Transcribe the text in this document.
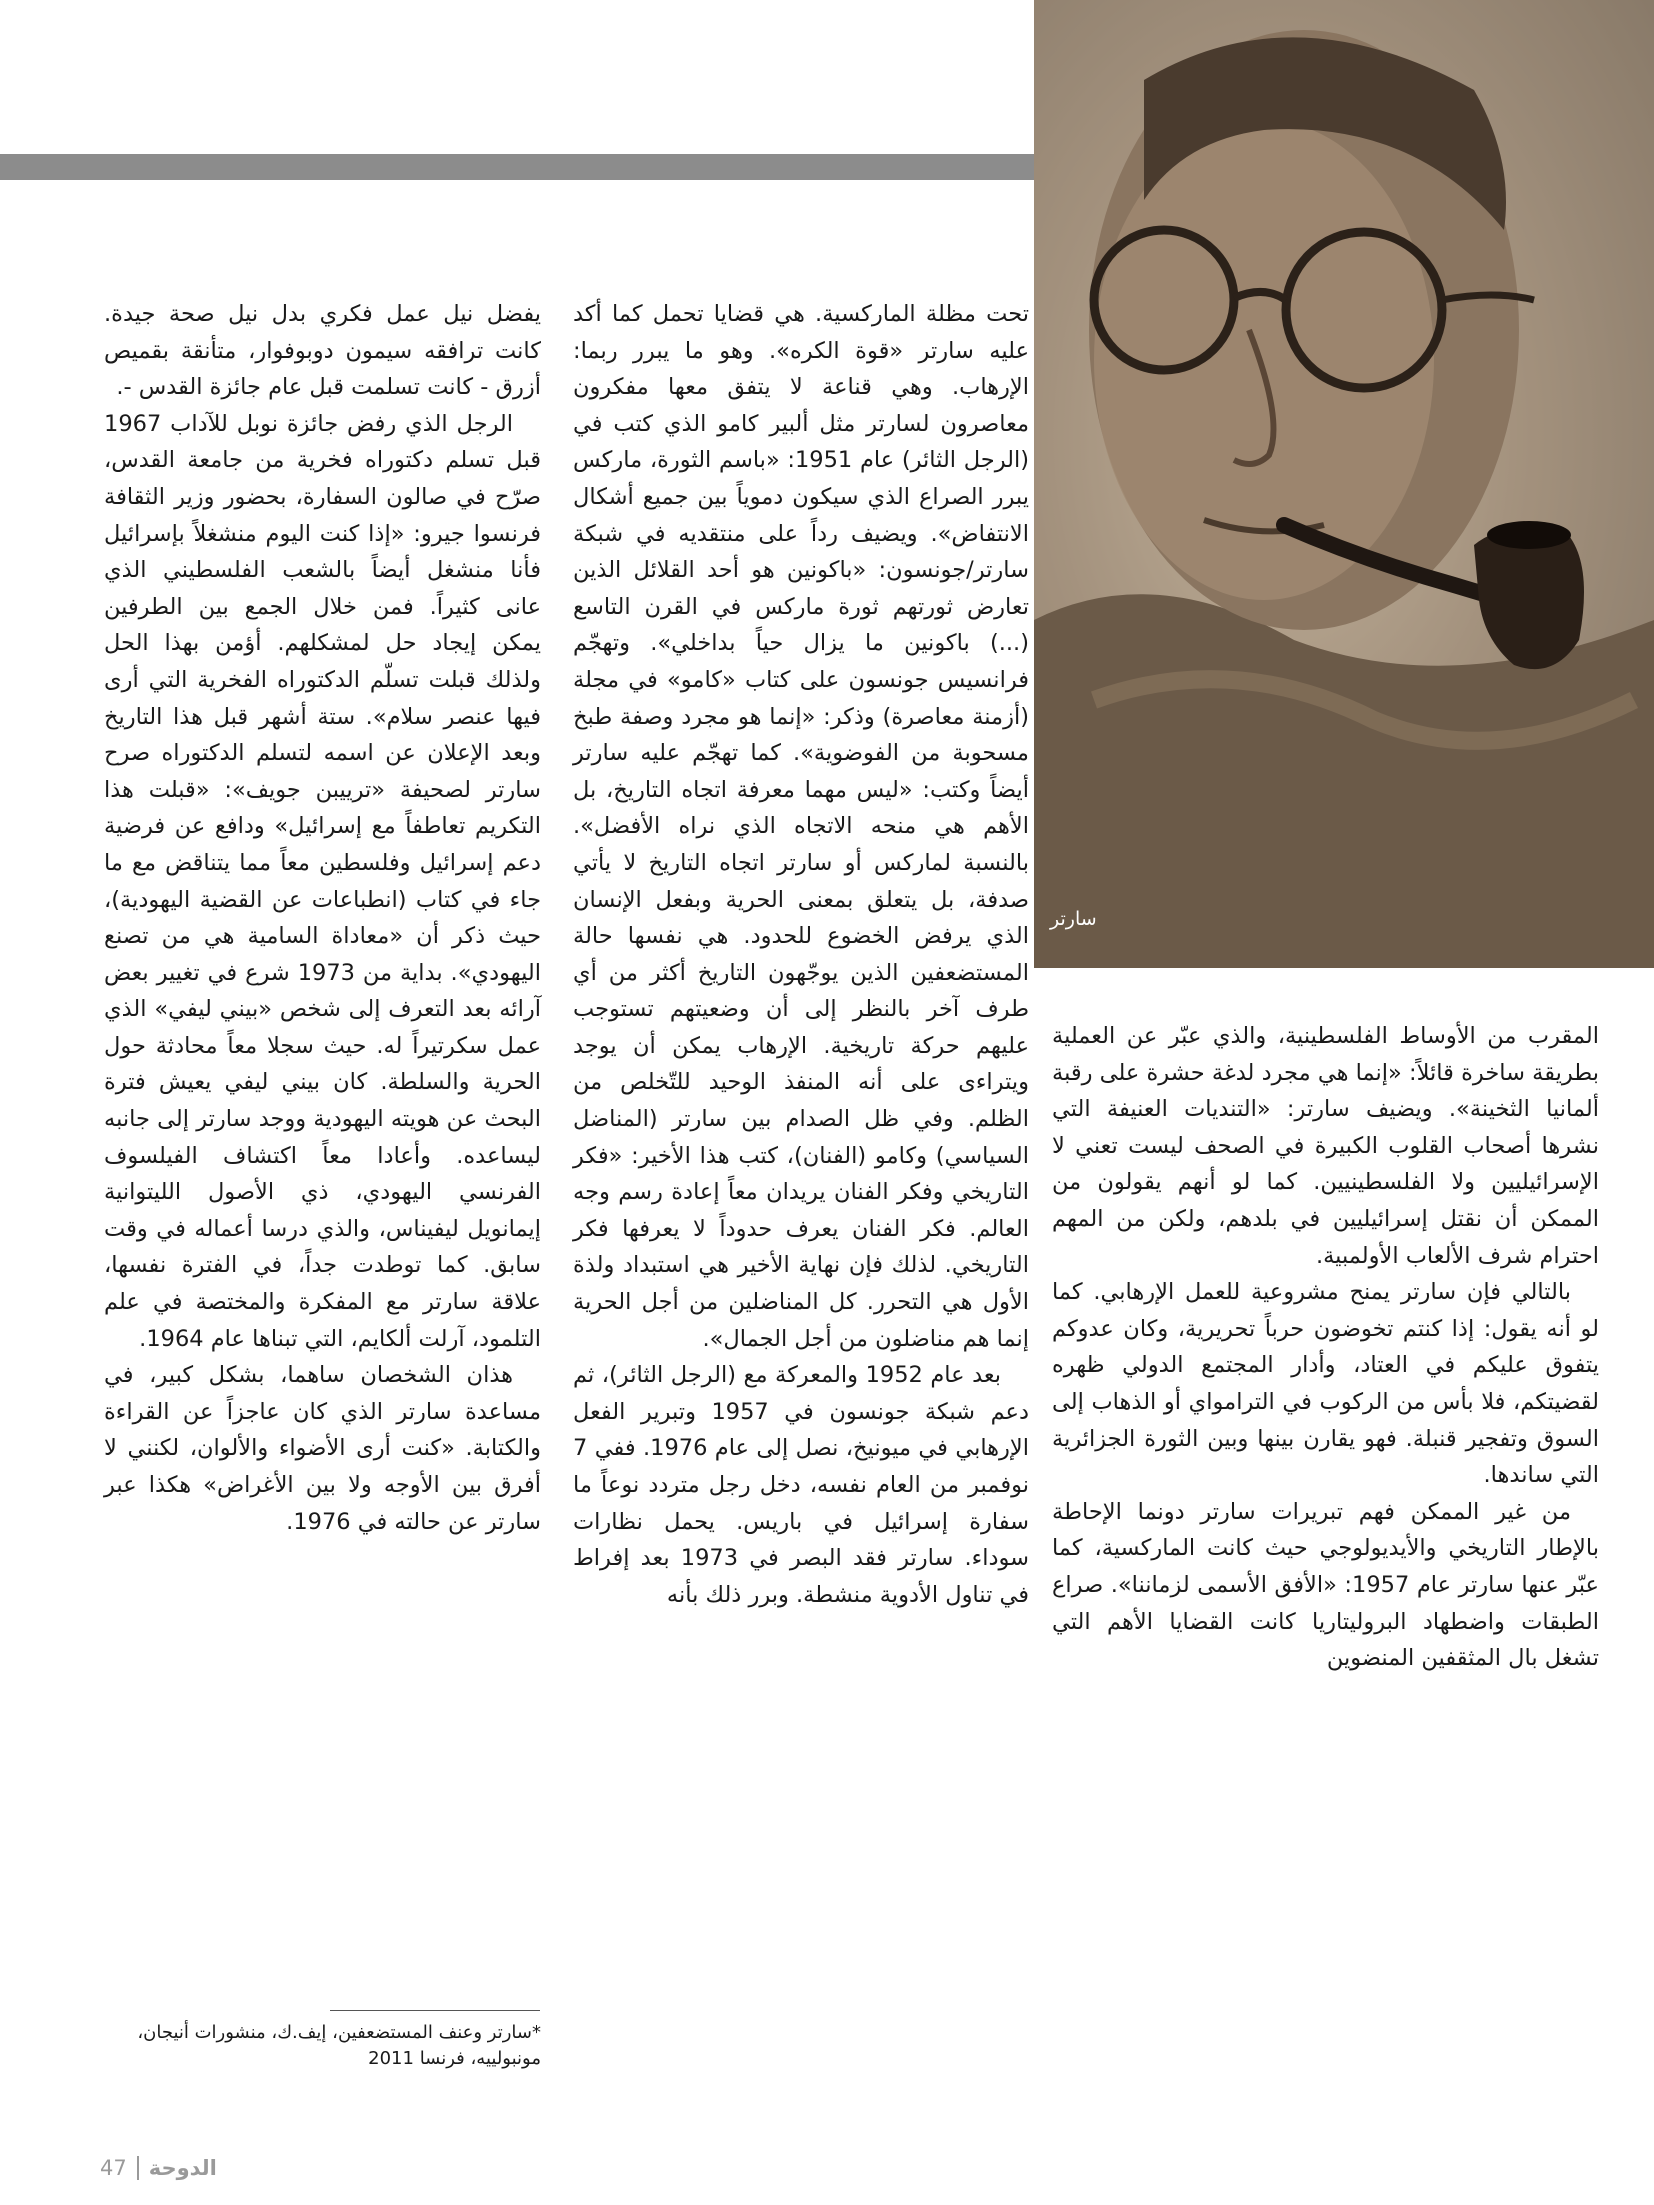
سارتر

المقرب من الأوساط الفلسطينية، والذي عبّر عن العملية بطريقة ساخرة قائلاً: «إنما هي مجرد لدغة حشرة على رقبة ألمانيا الثخينة». ويضيف سارتر: «التنديات العنيفة التي نشرها أصحاب القلوب الكبيرة في الصحف ليست تعني لا الإسرائيليين ولا الفلسطينيين. كما لو أنهم يقولون من الممكن أن نقتل إسرائيليين في بلدهم، ولكن من المهم احترام شرف الألعاب الأولمبية.

بالتالي فإن سارتر يمنح مشروعية للعمل الإرهابي. كما لو أنه يقول: إذا كنتم تخوضون حرباً تحريرية، وكان عدوكم يتفوق عليكم في العتاد، وأدار المجتمع الدولي ظهره لقضيتكم، فلا بأس من الركوب في الترامواي أو الذهاب إلى السوق وتفجير قنبلة. فهو يقارن بينها وبين الثورة الجزائرية التي ساندها.

من غير الممكن فهم تبريرات سارتر دونما الإحاطة بالإطار التاريخي والأيديولوجي حيث كانت الماركسية، كما عبّر عنها سارتر عام 1957: «الأفق الأسمى لزماننا». صراع الطبقات واضطهاد البروليتاريا كانت القضايا الأهم التي تشغل بال المثقفين المنضوين

تحت مظلة الماركسية. هي قضايا تحمل كما أكد عليه سارتر «قوة الكره». وهو ما يبرر ربما: الإرهاب. وهي قناعة لا يتفق معها مفكرون معاصرون لسارتر مثل ألبير كامو الذي كتب في (الرجل الثائر) عام 1951: «باسم الثورة، ماركس يبرر الصراع الذي سيكون دموياً بين جميع أشكال الانتفاض». ويضيف رداً على منتقديه في شبكة سارتر/جونسون: «باكونين هو أحد القلائل الذين تعارض ثورتهم ثورة ماركس في القرن التاسع (...) باكونين ما يزال حياً بداخلي». وتهجّم فرانسيس جونسون على كتاب «كامو» في مجلة (أزمنة معاصرة) وذكر: «إنما هو مجرد وصفة طبخ مسحوبة من الفوضوية». كما تهجّم عليه سارتر أيضاً وكتب: «ليس مهما معرفة اتجاه التاريخ، بل الأهم هي منحه الاتجاه الذي نراه الأفضل». بالنسبة لماركس أو سارتر اتجاه التاريخ لا يأتي صدفة، بل يتعلق بمعنى الحرية وبفعل الإنسان الذي يرفض الخضوع للحدود. هي نفسها حالة المستضعفين الذين يوجّهون التاريخ أكثر من أي طرف آخر بالنظر إلى أن وضعيتهم تستوجب عليهم حركة تاريخية. الإرهاب يمكن أن يوجد ويتراءى على أنه المنفذ الوحيد للتّخلص من الظلم. وفي ظل الصدام بين سارتر (المناضل السياسي) وكامو (الفنان)، كتب هذا الأخير: «فكر التاريخي وفكر الفنان يريدان معاً إعادة رسم وجه العالم. فكر الفنان يعرف حدوداً لا يعرفها فكر التاريخي. لذلك فإن نهاية الأخير هي استبداد ولذة الأول هي التحرر. كل المناضلين من أجل الحرية إنما هم مناضلون من أجل الجمال».

بعد عام 1952 والمعركة مع (الرجل الثائر)، ثم دعم شبكة جونسون في 1957 وتبرير الفعل الإرهابي في ميونيخ، نصل إلى عام 1976. ففي 7 نوفمبر من العام نفسه، دخل رجل متردد نوعاً ما سفارة إسرائيل في باريس. يحمل نظارات سوداء. سارتر فقد البصر في 1973 بعد إفراط في تناول الأدوية منشطة. وبرر ذلك بأنه

يفضل نيل عمل فكري بدل نيل صحة جيدة. كانت ترافقه سيمون دوبوفوار، متأنقة بقميص أزرق - كانت تسلمت قبل عام جائزة القدس -.

الرجل الذي رفض جائزة نوبل للآداب 1967 قبل تسلم دكتوراه فخرية من جامعة القدس، صرّح في صالون السفارة، بحضور وزير الثقافة فرنسوا جيرو: «إذا كنت اليوم منشغلاً بإسرائيل فأنا منشغل أيضاً بالشعب الفلسطيني الذي عانى كثيراً. فمن خلال الجمع بين الطرفين يمكن إيجاد حل لمشكلهم. أؤمن بهذا الحل ولذلك قبلت تسلّم الدكتوراه الفخرية التي أرى فيها عنصر سلام». ستة أشهر قبل هذا التاريخ وبعد الإعلان عن اسمه لتسلم الدكتوراه صرح سارتر لصحيفة «ترييبن جويف»: «قبلت هذا التكريم تعاطفاً مع إسرائيل» ودافع عن فرضية دعم إسرائيل وفلسطين معاً مما يتناقض مع ما جاء في كتاب (انطباعات عن القضية اليهودية)، حيث ذكر أن «معاداة السامية هي من تصنع اليهودي». بداية من 1973 شرع في تغيير بعض آرائه بعد التعرف إلى شخص «بيني ليفي» الذي عمل سكرتيراً له. حيث سجلا معاً محادثة حول الحرية والسلطة. كان بيني ليفي يعيش فترة البحث عن هويته اليهودية ووجد سارتر إلى جانبه ليساعده. وأعادا معاً اكتشاف الفيلسوف الفرنسي اليهودي، ذي الأصول الليتوانية إيمانويل ليفيناس، والذي درسا أعماله في وقت سابق. كما توطدت جداً، في الفترة نفسها، علاقة سارتر مع المفكرة والمختصة في علم التلمود، آرلت ألكايم، التي تبناها عام 1964.

هذان الشخصان ساهما، بشكل كبير، في مساعدة سارتر الذي كان عاجزاً عن القراءة والكتابة. «كنت أرى الأضواء والألوان، لكنني لا أفرق بين الأوجه ولا بين الأغراض» هكذا عبر سارتر عن حالته في 1976.

*سارتر وعنف المستضعفين، إيف.ك، منشورات أنيجان، مونبولييه، فرنسا 2011

47 الدوحة
